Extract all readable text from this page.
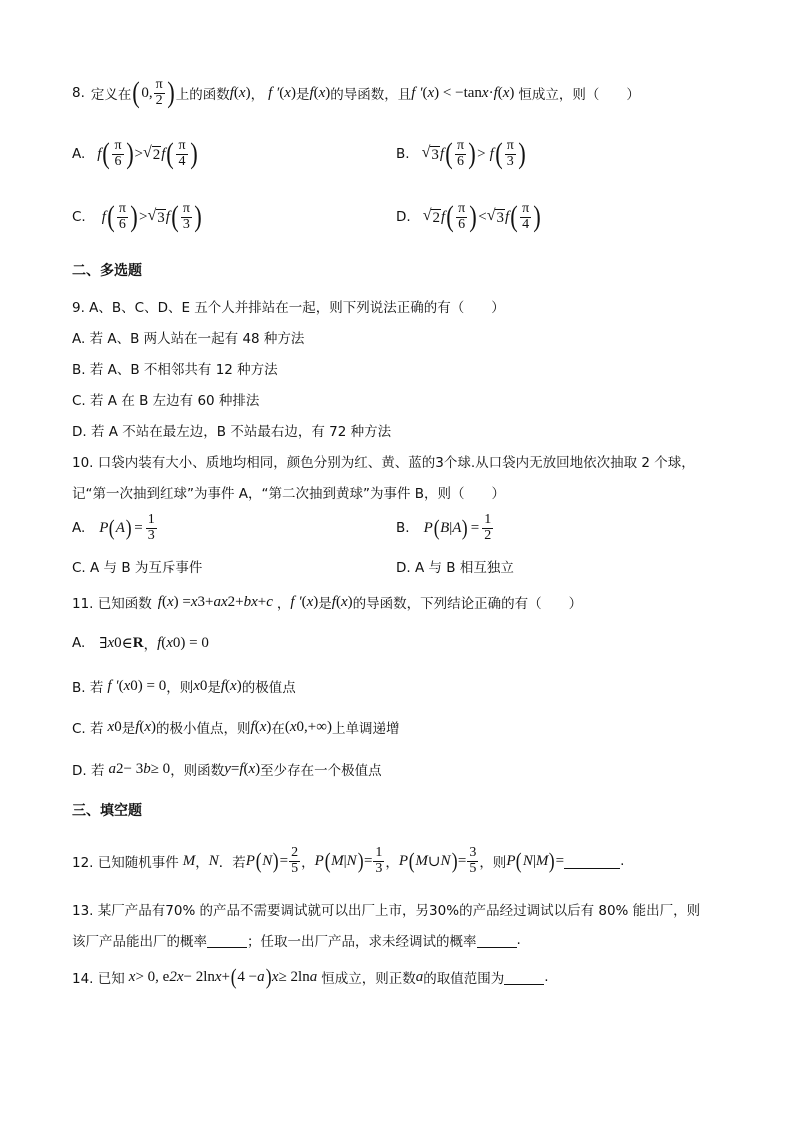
8. 定义在 ( 0, $\frac{\pi}{2}$ ) 上的函数 f ( x ) ， f ′ ( x ) 是 f ( x ) 的导函数，且 f ′ ( x ) < −tan x · f ( x ) 恒成立，则（　　）
A. f ( $\frac{\pi}{6}$ ) > √ 2 f ( $\frac{\pi}{4}$ )	B. √ 3 f ( $\frac{\pi}{6}$ ) > f ( $\frac{\pi}{3}$ )
C. f ( $\frac{\pi}{6}$ ) > √ 3 f ( $\frac{\pi}{3}$ )	D. √ 2 f ( $\frac{\pi}{6}$ ) < √ 3 f ( $\frac{\pi}{4}$ )
二、多选题
9. A、B、C、D、E 五个人并排站在一起，则下列说法正确的有（　　）
A. 若 A、B 两人站在一起有 48 种方法
B. 若 A、B 不相邻共有 12 种方法
C. 若 A 在 B 左边有 60 种排法
D. 若 A 不站在最左边，B 不站最右边，有 72 种方法
10. 口袋内装有大小、质地均相同，颜色分别为红、黄、蓝的3个球.从口袋内无放回地依次抽取 2 个球，
记“第一次抽到红球”为事件 A，“第二次抽到黄球”为事件 B，则（　　）
A. P ( A ) = $\frac{1}{3}$	B. P ( B | A ) = $\frac{1}{2}$
C. A 与 B 为互斥事件	D. A 与 B 相互独立
11. 已知函数 f ( x ) = x 3 + ax 2 + bx + c ， f ′ ( x ) 是 f ( x ) 的导函数，下列结论正确的有（　　）
A. ∃ x 0 ∈ R ， f ( x 0 ) = 0
B. 若 f ′ ( x 0 ) = 0 ，则 x 0 是 f ( x ) 的极值点
C. 若 x 0 是 f ( x ) 的极小值点，则 f ( x ) 在 ( x 0 ,+∞) 上单调递增
D. 若 a 2 − 3 b ≥ 0 ，则函数 y = f ( x ) 至少存在一个极值点
三、填空题
12. 已知随机事件 M ， N ．若 P ( N ) = $\frac{2}{5}$ ， P ( M | N ) = $\frac{1}{3}$ ， P ( M ∪ N ) = $\frac{3}{5}$ ，则 P ( N | M ) =	.
13. 某厂产品有70% 的产品不需要调试就可以出厂上市，另30%的产品经过调试以后有 80% 能出厂，则
该厂产品能出厂的概率	；任取一出厂产品，求未经调试的概率	.
14. 已知 x > 0, e 2x − 2ln x + ( 4 − a ) x ≥ 2ln a 恒成立，则正数 a 的取值范围为	.
